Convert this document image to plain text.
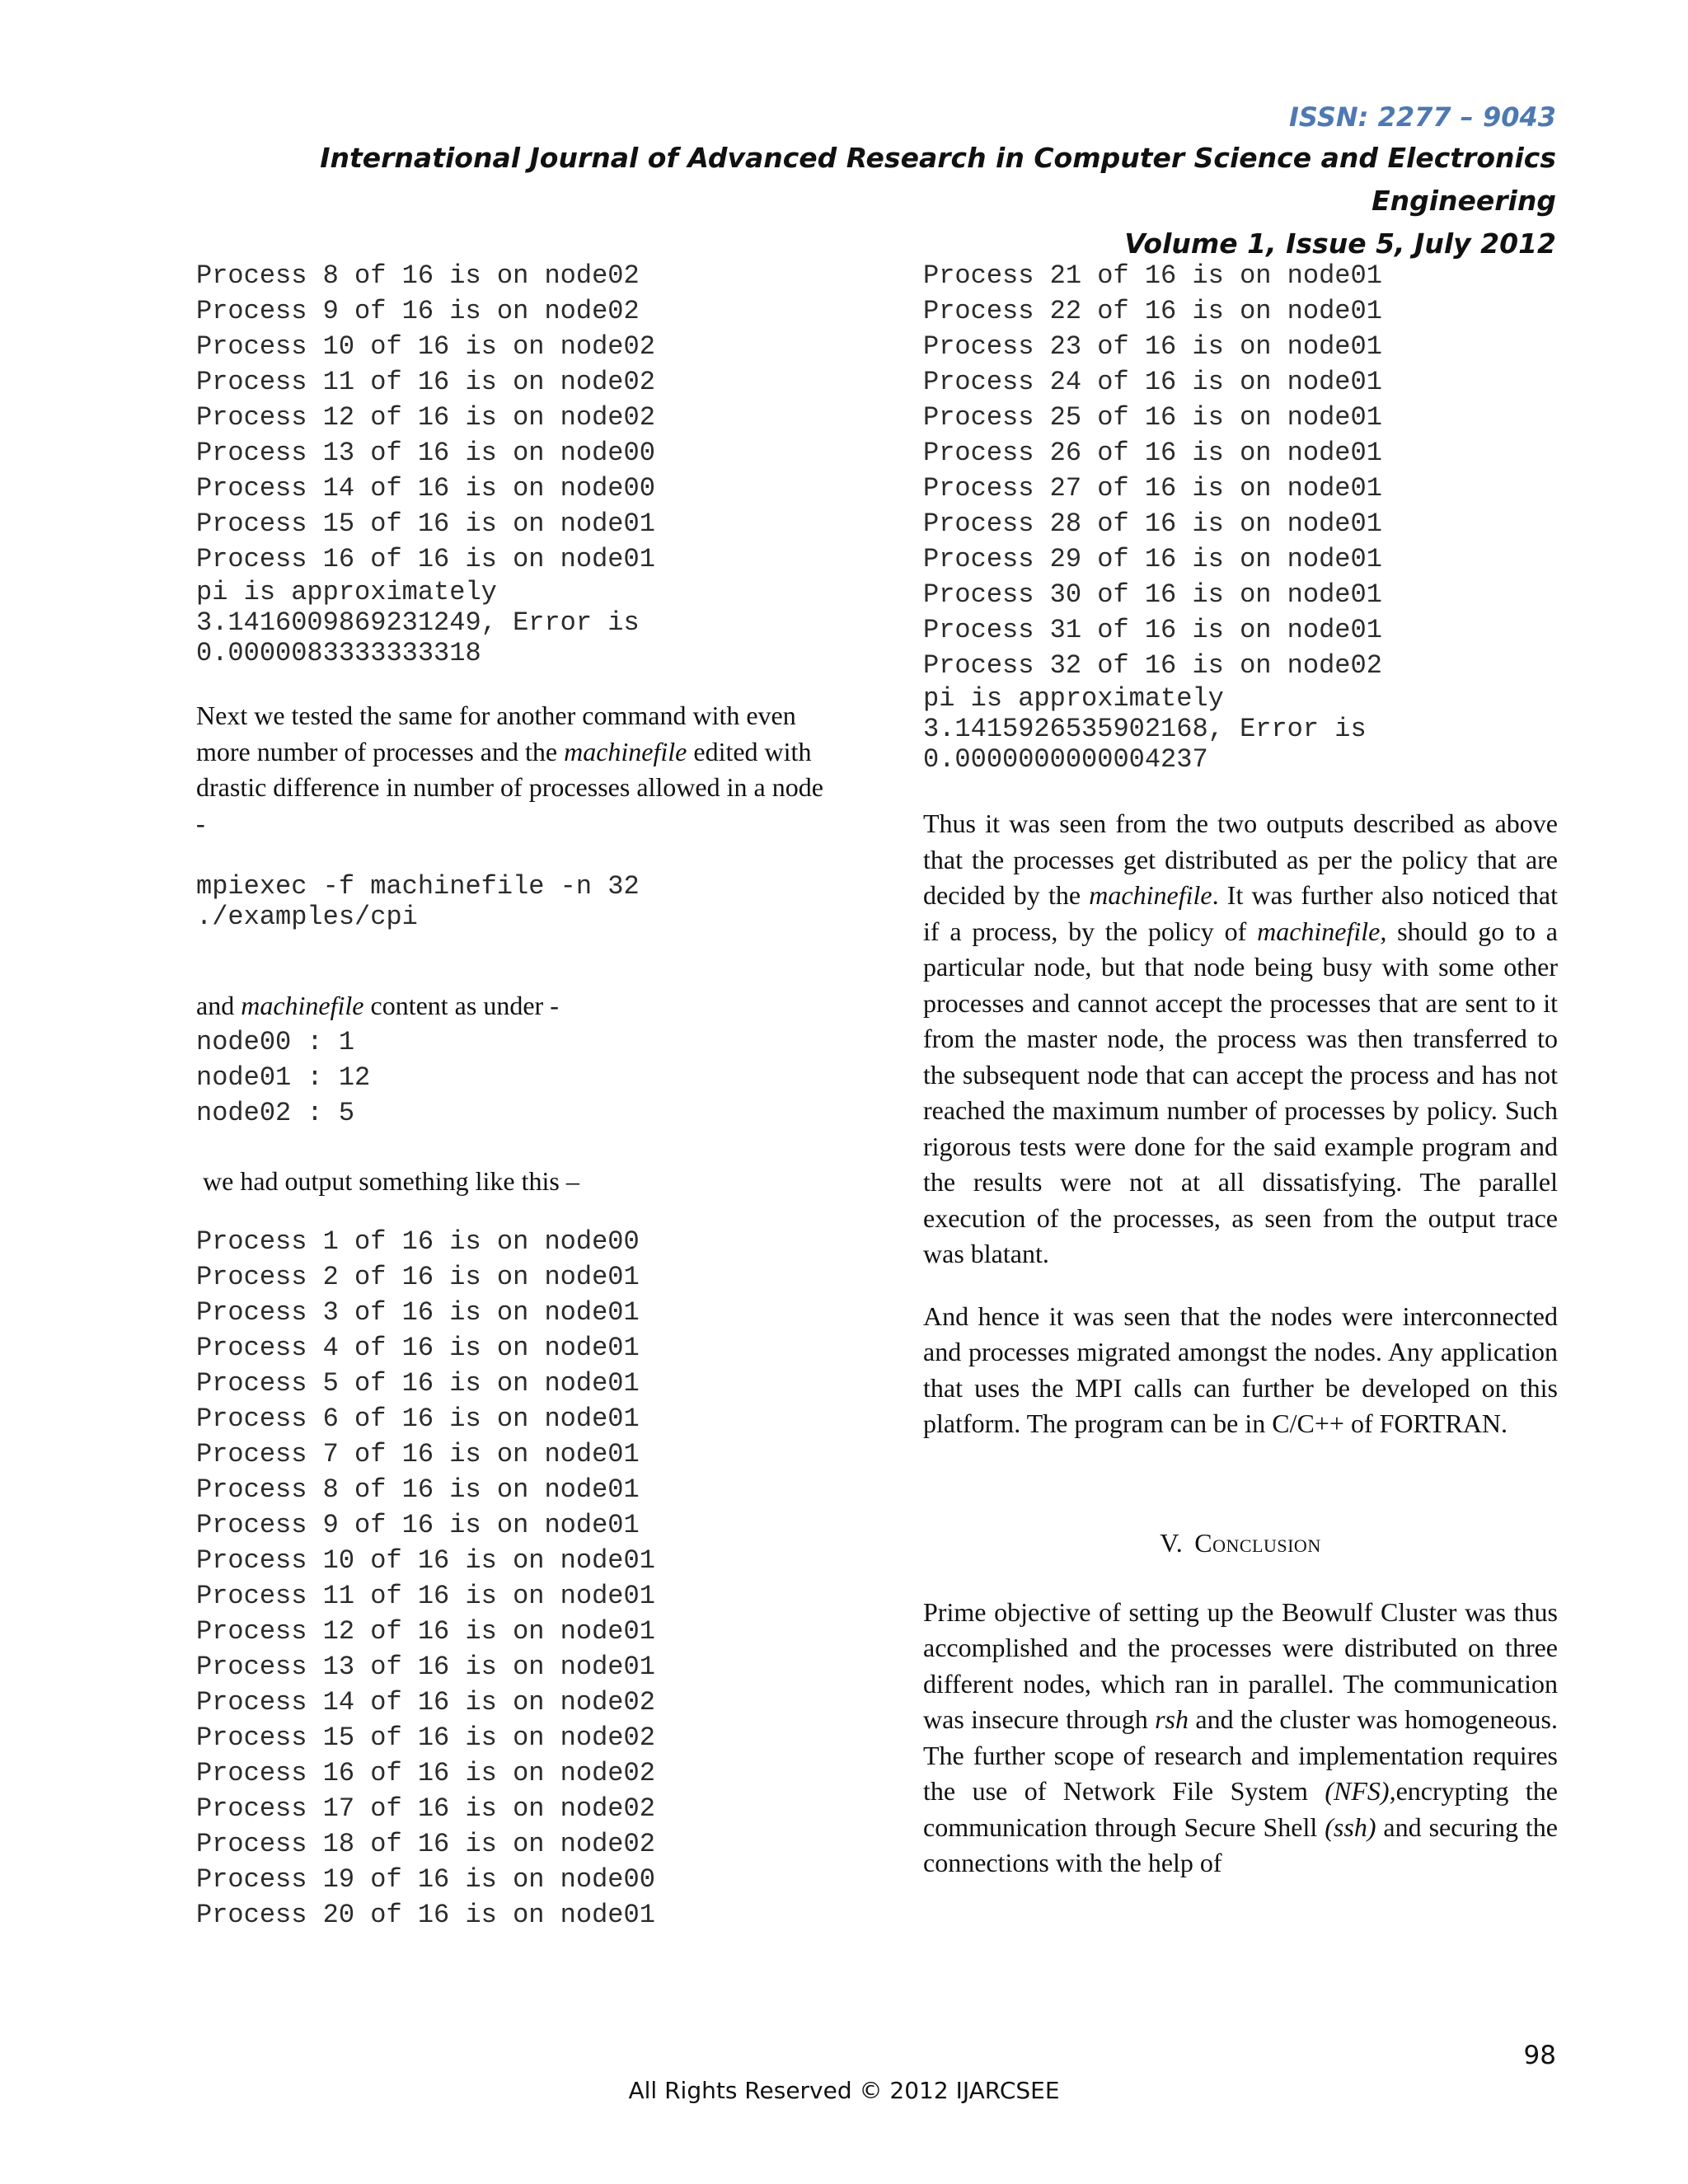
ISSN: 2277 – 9043
International Journal of Advanced Research in Computer Science and Electronics Engineering
Volume 1, Issue 5, July 2012
Process 8 of 16 is on node02
Process 9 of 16 is on node02
Process 10 of 16 is on node02
Process 11 of 16 is on node02
Process 12 of 16 is on node02
Process 13 of 16 is on node00
Process 14 of 16 is on node00
Process 15 of 16 is on node01
Process 16 of 16 is on node01
pi is approximately
3.1416009869231249, Error is
0.0000083333333318

Next we tested the same for another command with even more number of processes and the machinefile edited with drastic difference in number of processes allowed in a node -

mpiexec -f machinefile -n 32
./examples/cpi

and machinefile content as under -

node00 : 1
node01 : 12
node02 : 5

we had output something like this –

Process 1 of 16 is on node00
Process 2 of 16 is on node01
Process 3 of 16 is on node01
Process 4 of 16 is on node01
Process 5 of 16 is on node01
Process 6 of 16 is on node01
Process 7 of 16 is on node01
Process 8 of 16 is on node01
Process 9 of 16 is on node01
Process 10 of 16 is on node01
Process 11 of 16 is on node01
Process 12 of 16 is on node01
Process 13 of 16 is on node01
Process 14 of 16 is on node02
Process 15 of 16 is on node02
Process 16 of 16 is on node02
Process 17 of 16 is on node02
Process 18 of 16 is on node02
Process 19 of 16 is on node00
Process 20 of 16 is on node01
Process 21 of 16 is on node01
Process 22 of 16 is on node01
Process 23 of 16 is on node01
Process 24 of 16 is on node01
Process 25 of 16 is on node01
Process 26 of 16 is on node01
Process 27 of 16 is on node01
Process 28 of 16 is on node01
Process 29 of 16 is on node01
Process 30 of 16 is on node01
Process 31 of 16 is on node01
Process 32 of 16 is on node02
pi is approximately
3.1415926535902168, Error is
0.0000000000004237

Thus it was seen from the two outputs described as above that the processes get distributed as per the policy that are decided by the machinefile. It was further also noticed that if a process, by the policy of machinefile, should go to a particular node, but that node being busy with some other processes and cannot accept the processes that are sent to it from the master node, the process was then transferred to the subsequent node that can accept the process and has not reached the maximum number of processes by policy. Such rigorous tests were done for the said example program and the results were not at all dissatisfying. The parallel execution of the processes, as seen from the output trace was blatant.

And hence it was seen that the nodes were interconnected and processes migrated amongst the nodes. Any application that uses the MPI calls can further be developed on this platform. The program can be in C/C++ of FORTRAN.

V. Conclusion

Prime objective of setting up the Beowulf Cluster was thus accomplished and the processes were distributed on three different nodes, which ran in parallel. The communication was insecure through rsh and the cluster was homogeneous. The further scope of research and implementation requires the use of Network File System (NFS),encrypting the communication through Secure Shell (ssh) and securing the connections with the help of

98
All Rights Reserved © 2012 IJARCSEE
